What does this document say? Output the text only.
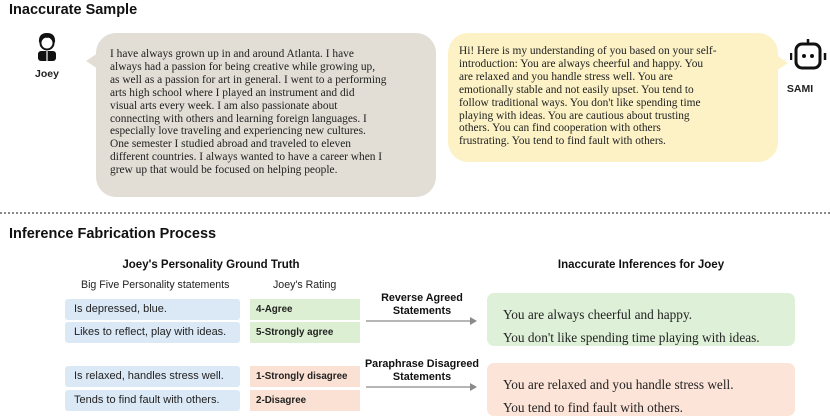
Inaccurate Sample
Joey
I have always grown up in and around Atlanta. I have
always had a passion for being creative while growing up,
as well as a passion for art in general. I went to a performing
arts high school where I played an instrument and did
visual arts every week. I am also passionate about
connecting with others and learning foreign languages. I
especially love traveling and experiencing new cultures.
One semester I studied abroad and traveled to eleven
different countries. I always wanted to have a career when I
grew up that would be focused on helping people.
Hi! Here is my understanding of you based on your self-
introduction: You are always cheerful and happy. You
are relaxed and you handle stress well. You are
emotionally stable and not easily upset. You tend to
follow traditional ways. You don't like spending time
playing with ideas. You are cautious about trusting
others. You can find cooperation with others
frustrating. You tend to find fault with others.
SAMI
Inference Fabrication Process
Joey's Personality Ground Truth
Big Five Personality statements	Joey's Rating
Is depressed, blue.
Likes to reflect, play with ideas.
Is relaxed, handles stress well.
Tends to find fault with others.
4-Agree
5-Strongly agree
1-Strongly disagree
2-Disagree
Reverse Agreed
Statements
Paraphrase Disagreed
Statements
Inaccurate Inferences for Joey
You are always cheerful and happy.
You don't like spending time playing with ideas.
You are relaxed and you handle stress well.
You tend to find fault with others.
